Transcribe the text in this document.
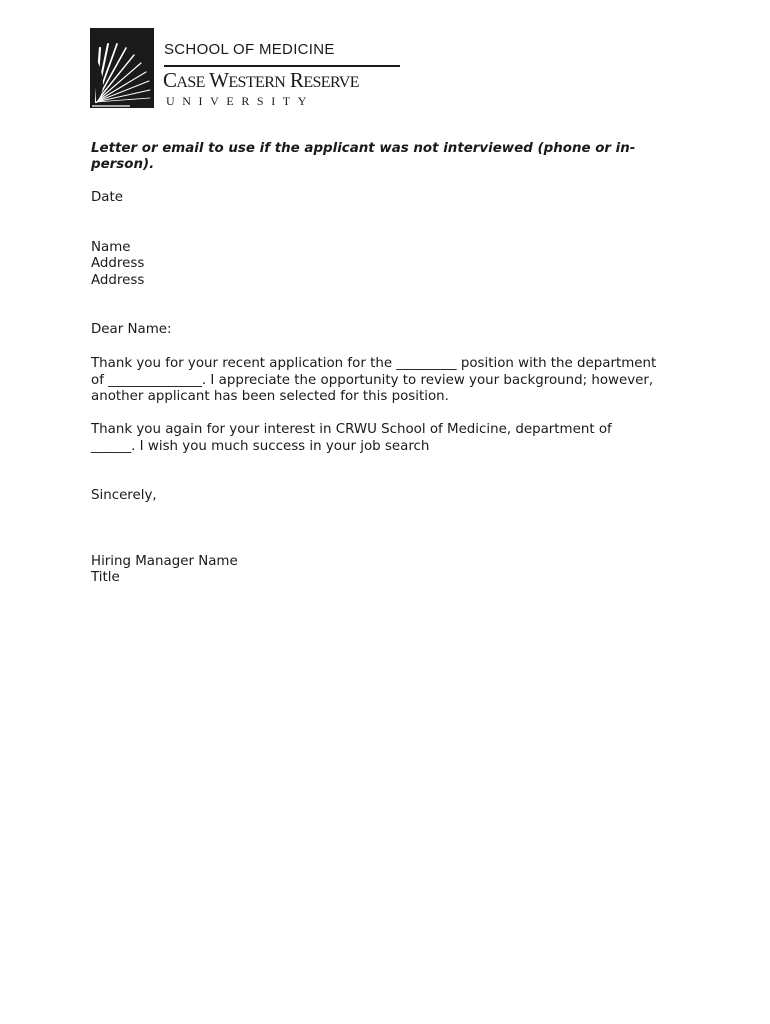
SCHOOL OF MEDICINE
CASE WESTERN RESERVE
UNIVERSITY
Letter or email to use if the applicant was not interviewed (phone or in-
person).
Date
Name
Address
Address
Dear Name:
Thank you for your recent application for the _________ position with the department
of ______________. I appreciate the opportunity to review your background; however,
another applicant has been selected for this position.
Thank you again for your interest in CRWU School of Medicine, department of
______. I wish you much success in your job search
Sincerely,
Hiring Manager Name
Title
